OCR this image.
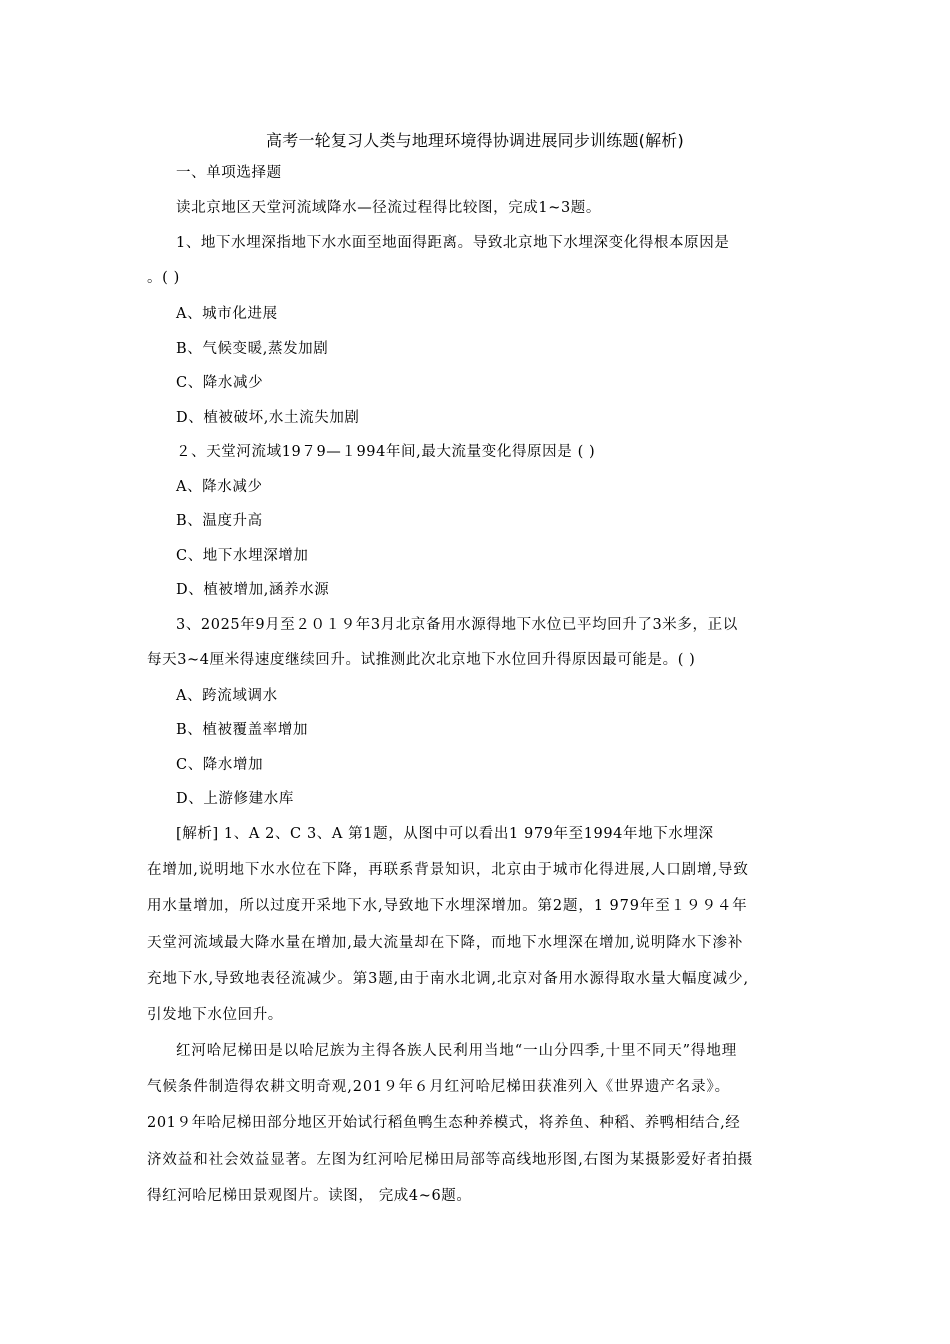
高考一轮复习人类与地理环境得协调进展同步训练题(解析)
一、单项选择题
读北京地区天堂河流域降水—径流过程得比较图，完成1~3题。
1、地下水埋深指地下水水面至地面得距离。导致北京地下水埋深变化得根本原因是
。( )
A、城市化进展
B、气候变暖,蒸发加剧
C、降水减少
D、植被破坏,水土流失加剧
２、天堂河流域19７9—１994年间,最大流量变化得原因是 ( )
A、降水减少
B、温度升高
C、地下水埋深增加
D、植被增加,涵养水源
3、2025年9月至２０１９年3月北京备用水源得地下水位已平均回升了3米多，正以
每天3~4厘米得速度继续回升。试推测此次北京地下水位回升得原因最可能是。( )
A、跨流域调水
B、植被覆盖率增加
C、降水增加
D、上游修建水库
[解析] 1、A 2、C 3、A 第1题，从图中可以看出1 979年至1994年地下水埋深
在增加,说明地下水水位在下降，再联系背景知识，北京由于城市化得进展,人口剧增,导致
用水量增加，所以过度开采地下水,导致地下水埋深增加。第2题，1 979年至１９９４年
天堂河流域最大降水量在增加,最大流量却在下降，而地下水埋深在增加,说明降水下渗补
充地下水,导致地表径流减少。第3题,由于南水北调,北京对备用水源得取水量大幅度减少,
引发地下水位回升。
红河哈尼梯田是以哈尼族为主得各族人民利用当地“一山分四季,十里不同天”得地理
气候条件制造得农耕文明奇观,201９年６月红河哈尼梯田获准列入《世界遗产名录》。
201９年哈尼梯田部分地区开始试行稻鱼鸭生态种养模式，将养鱼、种稻、养鸭相结合,经
济效益和社会效益显著。左图为红河哈尼梯田局部等高线地形图,右图为某摄影爱好者拍摄
得红河哈尼梯田景观图片。读图， 完成4~6题。
